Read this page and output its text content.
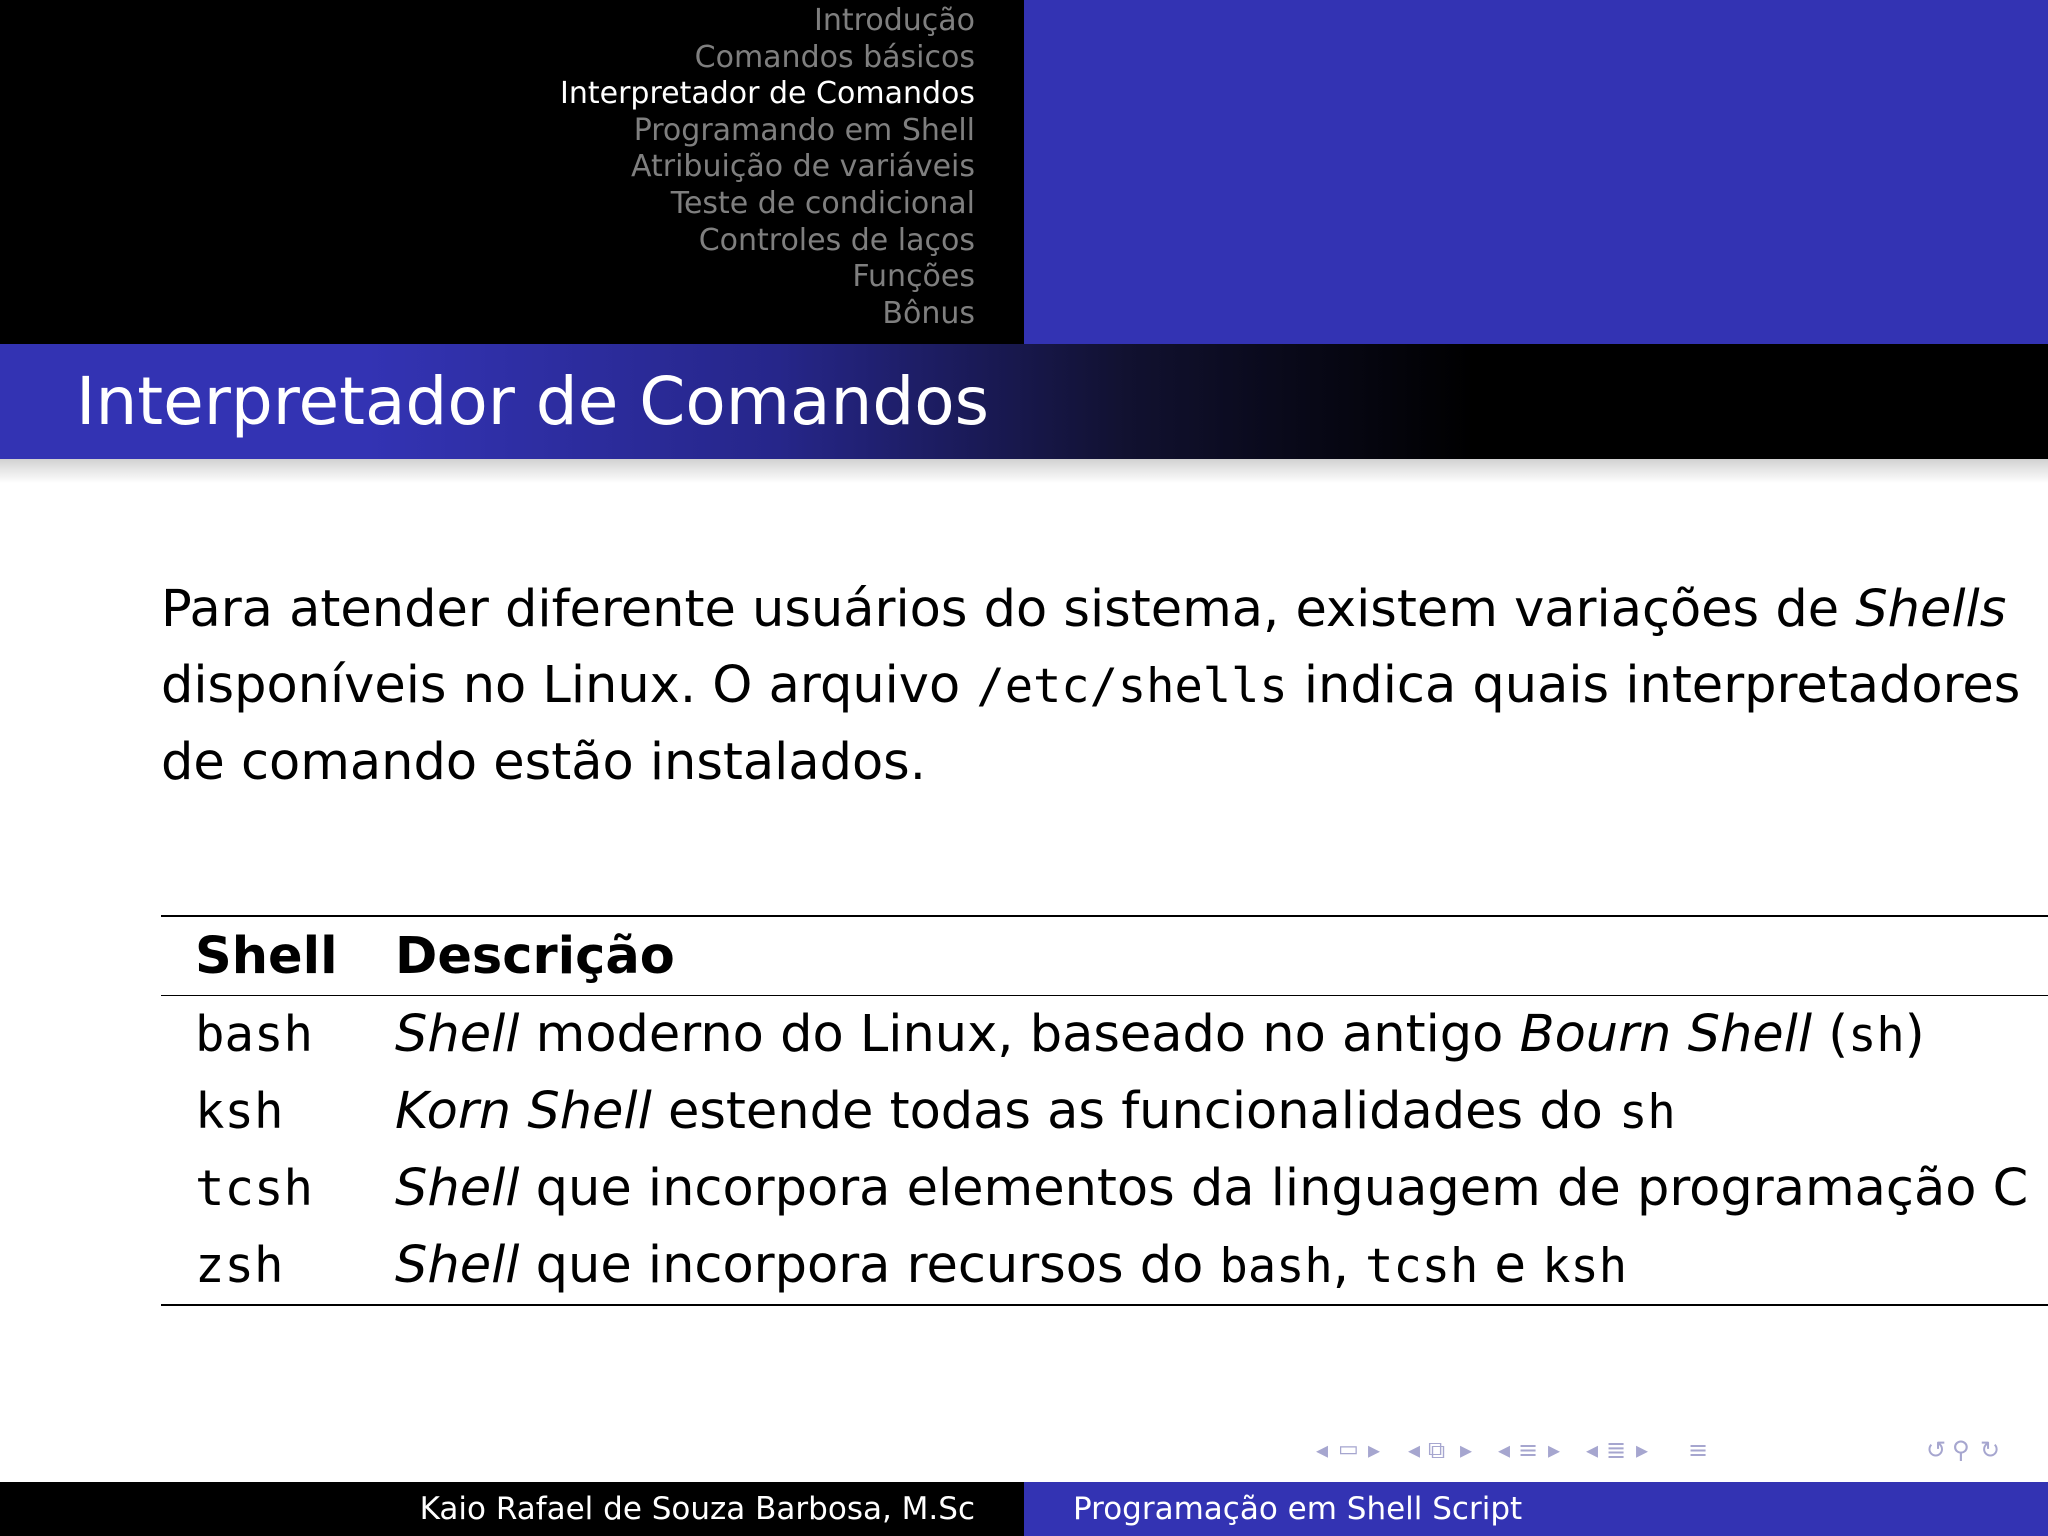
Introdução
Comandos básicos
Interpretador de Comandos
Programando em Shell
Atribuição de variáveis
Teste de condicional
Controles de laços
Funções
Bônus
Interpretador de Comandos

Para atender diferente usuários do sistema, existem variações de Shells disponíveis no Linux. O arquivo /etc/shells indica quais interpretadores de comando estão instalados.

Shell	Descrição
bash	Shell moderno do Linux, baseado no antigo Bourn Shell (sh)
ksh	Korn Shell estende todas as funcionalidades do sh
tcsh	Shell que incorpora elementos da linguagem de programação C
zsh	Shell que incorpora recursos do bash, tcsh e ksh
◂ ▭ ▸ ◂ ⧉ ▸ ◂ ≡ ▸ ◂ ≣ ▸ ≡	↺ ⚲ ↻
Kaio Rafael de Souza Barbosa, M.Sc	Programação em Shell Script
